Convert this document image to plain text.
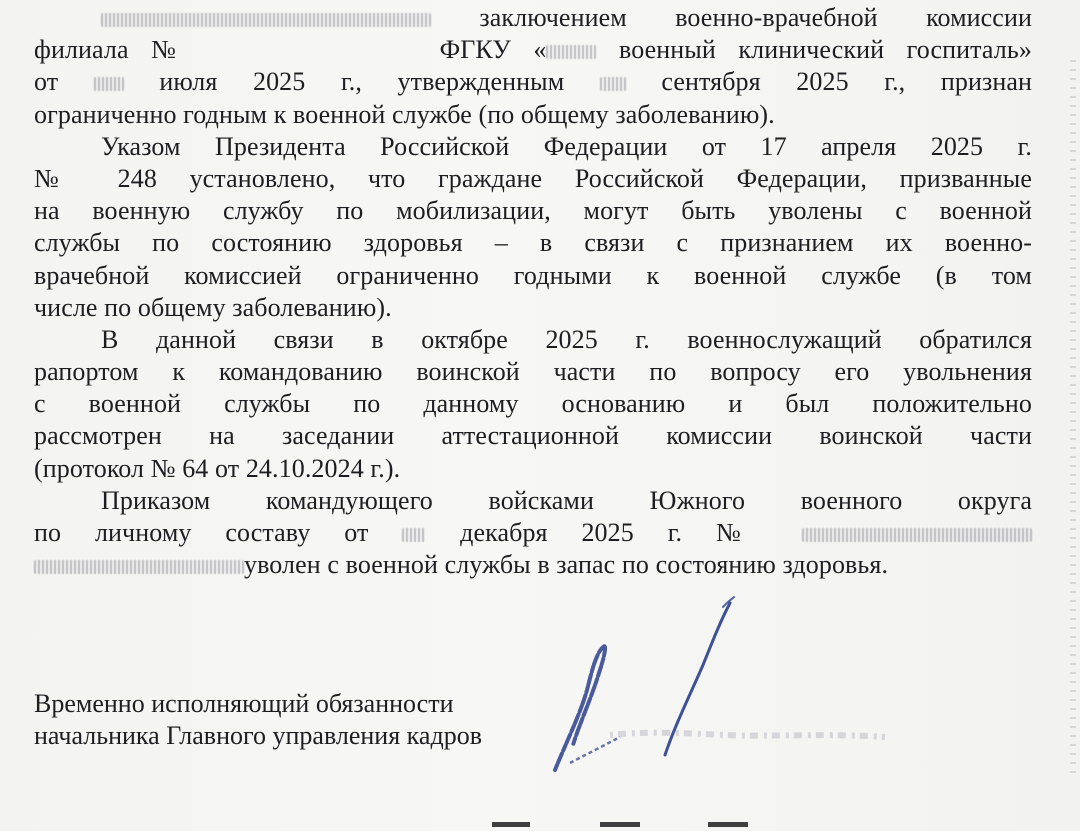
заключением военно-врачебной комиссии
филиала №	ФГКУ «	военный клинический госпиталь»
от	июля 2025 г., утвержденным	сентября 2025 г., признан
ограниченно годным к военной службе (по общему заболеванию).
Указом Президента Российской Федерации от 17 апреля 2025 г.
№ 248 установлено, что граждане Российской Федерации, призванные
на военную службу по мобилизации, могут быть уволены с военной
службы по состоянию здоровья – в связи с признанием их военно-
врачебной комиссией ограниченно годными к военной службе (в том
числе по общему заболеванию).
В данной связи в октябре 2025 г. военнослужащий обратился
рапортом к командованию воинской части по вопросу его увольнения
с военной службы по данному основанию и был положительно
рассмотрен на заседании аттестационной комиссии воинской части
(протокол № 64 от 24.10.2024 г.).
Приказом командующего войсками Южного военного округа
по личному составу от	декабря 2025 г. №
уволен с военной службы в запас по состоянию здоровья.
Временно исполняющий обязанности
начальника Главного управления кадров
